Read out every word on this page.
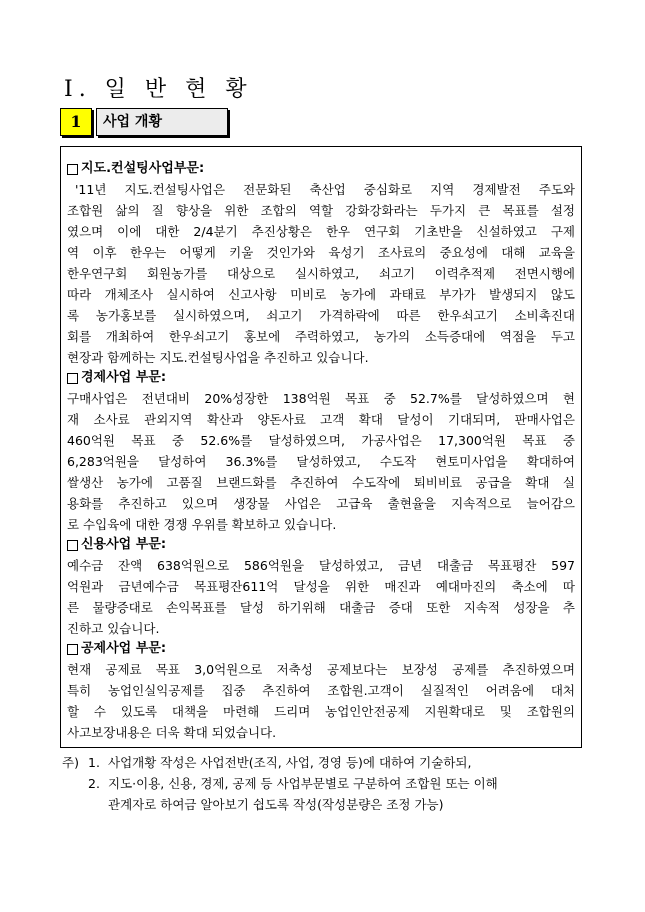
Ⅰ. 일 반 현 황
1	사업 개황
지도.컨설팅사업부문:
'11년 지도.컨설팅사업은 전문화된 축산업 중심화로 지역 경제발전 주도와
조합원 삶의 질 향상을 위한 조합의 역할 강화강화라는 두가지 큰 목표를 설정
였으며 이에 대한 2/4분기 추진상황은 한우 연구회 기초반을 신설하였고 구제
역 이후 한우는 어떻게 키울 것인가와 육성기 조사료의 중요성에 대해 교육을
한우연구회 회원농가를 대상으로 실시하였고, 쇠고기 이력추적제 전면시행에
따라 개체조사 실시하여 신고사항 미비로 농가에 과태료 부가가 발생되지 않도
록 농가홍보를 실시하였으며, 쇠고기 가격하락에 따른 한우쇠고기 소비촉진대
회를 개최하여 한우쇠고기 홍보에 주력하였고, 농가의 소득증대에 역점을 두고
현장과 함께하는 지도.컨설팅사업을 추진하고 있습니다.
경제사업 부문:
구매사업은 전년대비 20%성장한 138억원 목표 중 52.7%를 달성하였으며 현
재 소사료 관외지역 확산과 양돈사료 고객 확대 달성이 기대되며, 판매사업은
460억원 목표 중 52.6%를 달성하였으며, 가공사업은 17,300억원 목표 중
6,283억원을 달성하여 36.3%를 달성하였고, 수도작 현토미사업을 확대하여
쌀생산 농가에 고품질 브랜드화를 추진하여 수도작에 퇴비비료 공급을 확대 실
용화를 추진하고 있으며 생장물 사업은 고급육 출현율을 지속적으로 늘어감으
로 수입육에 대한 경쟁 우위를 확보하고 있습니다.
신용사업 부문:
예수금 잔액 638억원으로 586억원을 달성하였고, 금년 대출금 목표평잔 597
억원과 금년예수금 목표평잔611억 달성을 위한 매진과 예대마진의 축소에 따
른 물량증대로 손익목표를 달성 하기위해 대출금 증대 또한 지속적 성장을 추
진하고 있습니다.
공제사업 부문:
현재 공제료 목표 3,0억원으로 저축성 공제보다는 보장성 공제를 추진하였으며
특히 농업인실익공제를 집중 추진하여 조합원.고객이 실질적인 어려움에 대처
할 수 있도록 대책을 마련해 드리며 농업인안전공제 지원확대로 및 조합원의
사고보장내용은 더욱 확대 되었습니다.
주) 1. 사업개황 작성은 사업전반(조직, 사업, 경영 등)에 대하여 기술하되,
2. 지도·이용, 신용, 경제, 공제 등 사업부문별로 구분하여 조합원 또는 이해
관계자로 하여금 알아보기 쉽도록 작성(작성분량은 조정 가능)
